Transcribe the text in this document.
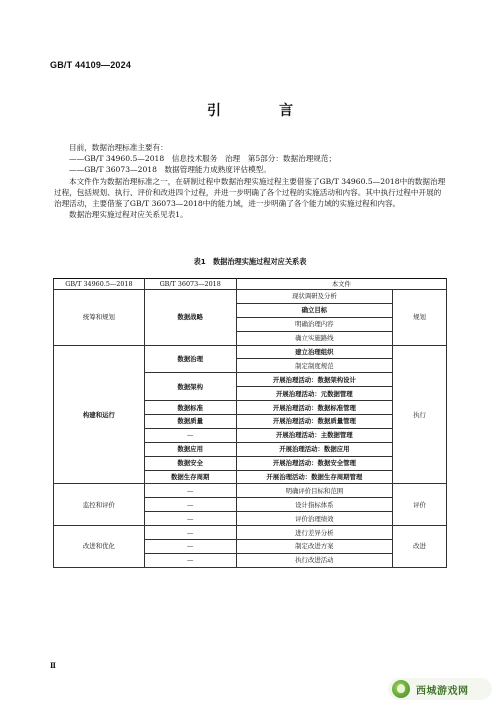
GB/T 44109—2024
引　言

目前，数据治理标准主要有：

——GB/T 34960.5—2018　信息技术服务　治理　第5部分：数据治理规范；

——GB/T 36073—2018　数据管理能力成熟度评估模型。

本文件作为数据治理标准之一，在研制过程中数据治理实施过程主要借鉴了GB/T 34960.5—2018中的数据治理过程，包括规划、执行、评价和改进四个过程，并进一步明确了各个过程的实施活动和内容。其中执行过程中开展的治理活动，主要借鉴了GB/T 36073—2018中的能力域，进一步明确了各个能力域的实施过程和内容。

数据治理实施过程对应关系见表1。

表1　数据治理实施过程对应关系表
GB/T 34960.5—2018	GB/T 36073—2018	本文件	
统筹和规划	数据战略	现状调研及分析	规划
		确立目标	
		明确治理内容	
		确立实施路线	
构建和运行	数据治理	建立治理组织	执行
		制定制度规范	
	数据架构	开展治理活动：数据架构设计	
		开展治理活动：元数据管理	
	数据标准	开展治理活动：数据标准管理	
	数据质量	开展治理活动：数据质量管理	
	—	开展治理活动：主数据管理	
	数据应用	开展治理活动：数据应用	
	数据安全	开展治理活动：数据安全管理	
	数据生存周期	开展治理活动：数据生存周期管理	
监控和评价	—	明确评价目标和范围	评价
	—	设计指标体系	
	—	评价治理绩效	
改进和优化	—	进行差异分析	改进
	—	制定改进方案	
	—	执行改进活动	
Ⅱ
西城游戏网
